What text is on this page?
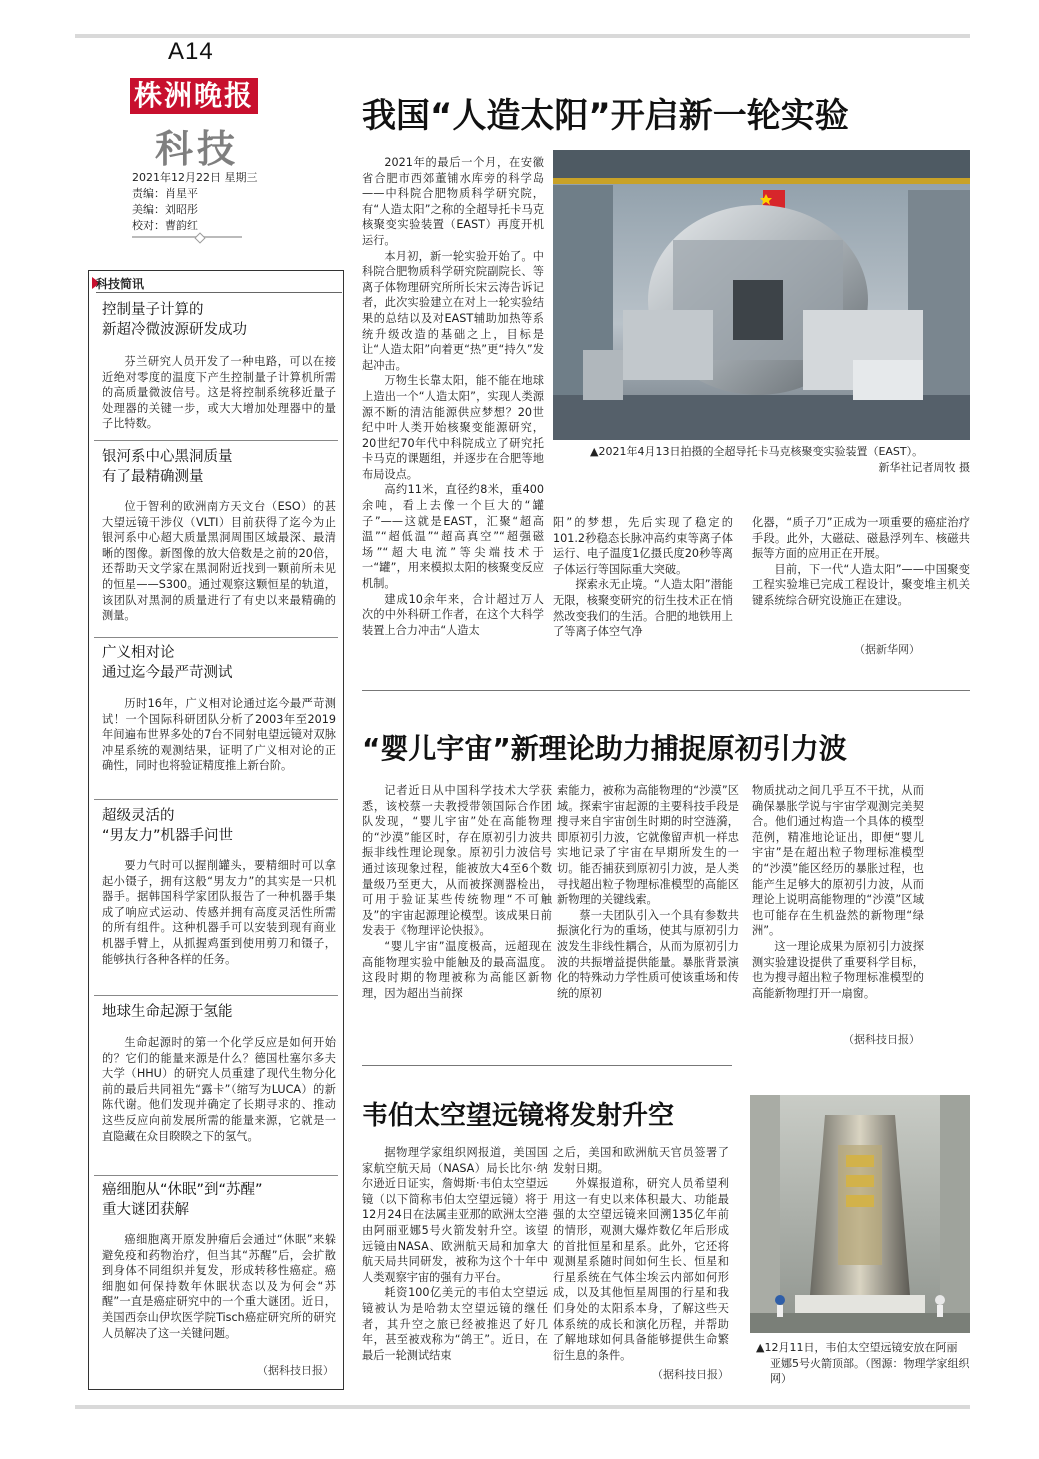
A14
株洲晚报
科技
2021年12月22日 星期三
责编：肖星平
美编：刘昭彤
校对：曹韵红
科技简讯
控制量子计算的
新超冷微波源研发成功

芬兰研究人员开发了一种电路，可以在接近绝对零度的温度下产生控制量子计算机所需的高质量微波信号。这是将控制系统移近量子处理器的关键一步，或大大增加处理器中的量子比特数。

银河系中心黑洞质量
有了最精确测量

位于智利的欧洲南方天文台（ESO）的甚大望远镜干涉仪（VLTI）目前获得了迄今为止银河系中心超大质量黑洞周围区域最深、最清晰的图像。新图像的放大倍数是之前的20倍，还帮助天文学家在黑洞附近找到一颗前所未见的恒星——S300。通过观察这颗恒星的轨道，该团队对黑洞的质量进行了有史以来最精确的测量。

广义相对论
通过迄今最严苛测试

历时16年，广义相对论通过迄今最严苛测试！一个国际科研团队分析了2003年至2019年间遍布世界多处的7台不同射电望远镜对双脉冲星系统的观测结果，证明了广义相对论的正确性，同时也将验证精度推上新台阶。

超级灵活的
“男友力”机器手问世

要力气时可以握削罐头，要精细时可以拿起小镊子，拥有这般“男友力”的其实是一只机器手。据韩国科学家团队报告了一种机器手集成了响应式运动、传感并拥有高度灵活性所需的所有组件。这种机器手可以安装到现有商业机器手臂上，从抓握鸡蛋到使用剪刀和镊子，能够执行各种各样的任务。

地球生命起源于氢能

生命起源时的第一个化学反应是如何开始的？它们的能量来源是什么？德国杜塞尔多夫大学（HHU）的研究人员重建了现代生物分化前的最后共同祖先“露卡”（缩写为LUCA）的新陈代谢。他们发现并确定了长期寻求的、推动这些反应向前发展所需的能量来源，它就是一直隐藏在众目睽睽之下的氢气。

癌细胞从“休眠”到“苏醒”
重大谜团获解

癌细胞离开原发肿瘤后会通过“休眠”来躲避免疫和药物治疗，但当其“苏醒”后，会扩散到身体不同组织并复发，形成转移性癌症。癌细胞如何保持数年休眠状态以及为何会“苏醒”一直是癌症研究中的一个重大谜团。近日，美国西奈山伊坎医学院Tisch癌症研究所的研究人员解决了这一关键问题。

（据科技日报）
我国“人造太阳”开启新一轮实验

2021年的最后一个月，在安徽省合肥市西郊董铺水库旁的科学岛——中科院合肥物质科学研究院，有“人造太阳”之称的全超导托卡马克核聚变实验装置（EAST）再度开机运行。

本月初，新一轮实验开始了。中科院合肥物质科学研究院副院长、等离子体物理研究所所长宋云涛告诉记者，此次实验建立在对上一轮实验结果的总结以及对EAST辅助加热等系统升级改造的基础之上，目标是让“人造太阳”向着更“热”更“持久”发起冲击。

万物生长靠太阳，能不能在地球上造出一个“人造太阳”，实现人类源源不断的清洁能源供应梦想？20世纪中叶人类开始核聚变能源研究，20世纪70年代中科院成立了研究托卡马克的课题组，并逐步在合肥等地布局设点。

高约11米，直径约8米，重400余吨，看上去像一个巨大的“罐子”——这就是EAST，汇聚“超高温”“超低温”“超高真空”“超强磁场”“超大电流”等尖端技术于一“罐”，用来模拟太阳的核聚变反应机制。

建成10余年来，合计超过万人次的中外科研工作者，在这个大科学装置上合力冲击“人造太

▲2021年4月13日拍摄的全超导托卡马克核聚变实验装置（EAST）。
新华社记者周牧 摄

阳”的梦想，先后实现了稳定的101.2秒稳态长脉冲高约束等离子体运行、电子温度1亿摄氏度20秒等离子体运行等国际重大突破。

探索永无止境。“人造太阳”潜能无限，核聚变研究的衍生技术正在悄然改变我们的生活。合肥的地铁用上了等离子体空气净

化器，“质子刀”正成为一项重要的癌症治疗手段。此外，大磁砝、磁悬浮列车、核磁共振等方面的应用正在开展。

目前，下一代“人造太阳”——中国聚变工程实验堆已完成工程设计，聚变堆主机关键系统综合研究设施正在建设。

（据新华网）
“婴儿宇宙”新理论助力捕捉原初引力波

记者近日从中国科学技术大学获悉，该校蔡一夫教授带领国际合作团队发现，“婴儿宇宙”处在高能物理的“沙漠”能区时，存在原初引力波共振非线性理论现象。原初引力波信号通过该现象过程，能被放大4至6个数量级乃至更大，从而被探测器检出，可用于验证某些传统物理“不可触及”的宇宙起源理论模型。该成果日前发表于《物理评论快报》。

“婴儿宇宙”温度极高，远超现在高能物理实验中能触及的最高温度。这段时期的物理被称为高能区新物理，因为超出当前探

索能力，被称为高能物理的“沙漠”区域。探索宇宙起源的主要科技手段是搜寻来自宇宙创生时期的时空涟漪，即原初引力波，它就像留声机一样忠实地记录了宇宙在早期所发生的一切。能否捕获到原初引力波，是人类寻找超出粒子物理标准模型的高能区新物理的关键线索。

蔡一夫团队引入一个具有参数共振演化行为的重场，使其与原初引力波发生非线性耦合，从而为原初引力波的共振增益提供能量。暴胀背景演化的特殊动力学性质可使该重场和传统的原初

物质扰动之间几乎互不干扰，从而确保暴胀学说与宇宙学观测完美契合。他们通过构造一个具体的模型范例，精准地论证出，即便“婴儿宇宙”是在超出粒子物理标准模型的“沙漠”能区经历的暴胀过程，也能产生足够大的原初引力波，从而理论上说明高能物理的“沙漠”区域也可能存在生机盎然的新物理“绿洲”。

这一理论成果为原初引力波探测实验建设提供了重要科学目标，也为搜寻超出粒子物理标准模型的高能新物理打开一扇窗。

（据科技日报）
韦伯太空望远镜将发射升空

据物理学家组织网报道，美国国家航空航天局（NASA）局长比尔·纳尔逊近日证实，詹姆斯·韦伯太空望远镜（以下简称韦伯太空望远镜）将于12月24日在法属圭亚那的欧洲太空港由阿丽亚娜5号火箭发射升空。该望远镜由NASA、欧洲航天局和加拿大航天局共同研发，被称为这个十年中人类观察宇宙的强有力平台。

耗资100亿美元的韦伯太空望远镜被认为是哈勃太空望远镜的继任者，其升空之旅已经被推迟了好几年，甚至被戏称为“鸽王”。近日，在最后一轮测试结束

之后，美国和欧洲航天官员签署了发射日期。

外媒报道称，研究人员希望利用这一有史以来体积最大、功能最强的太空望远镜来回溯135亿年前的情形，观测大爆炸数亿年后形成的首批恒星和星系。此外，它还将观测星系随时间如何生长、恒星和行星系统在气体尘埃云内部如何形成，以及其他恒星周围的行星和我们身处的太阳系本身，了解这些天体系统的成长和演化历程，并帮助了解地球如何具备能够提供生命繁衍生息的条件。

（据科技日报）
▲12月11日，韦伯太空望远镜安放在阿丽
亚娜5号火箭顶部。（图源：物理学家组织网）
